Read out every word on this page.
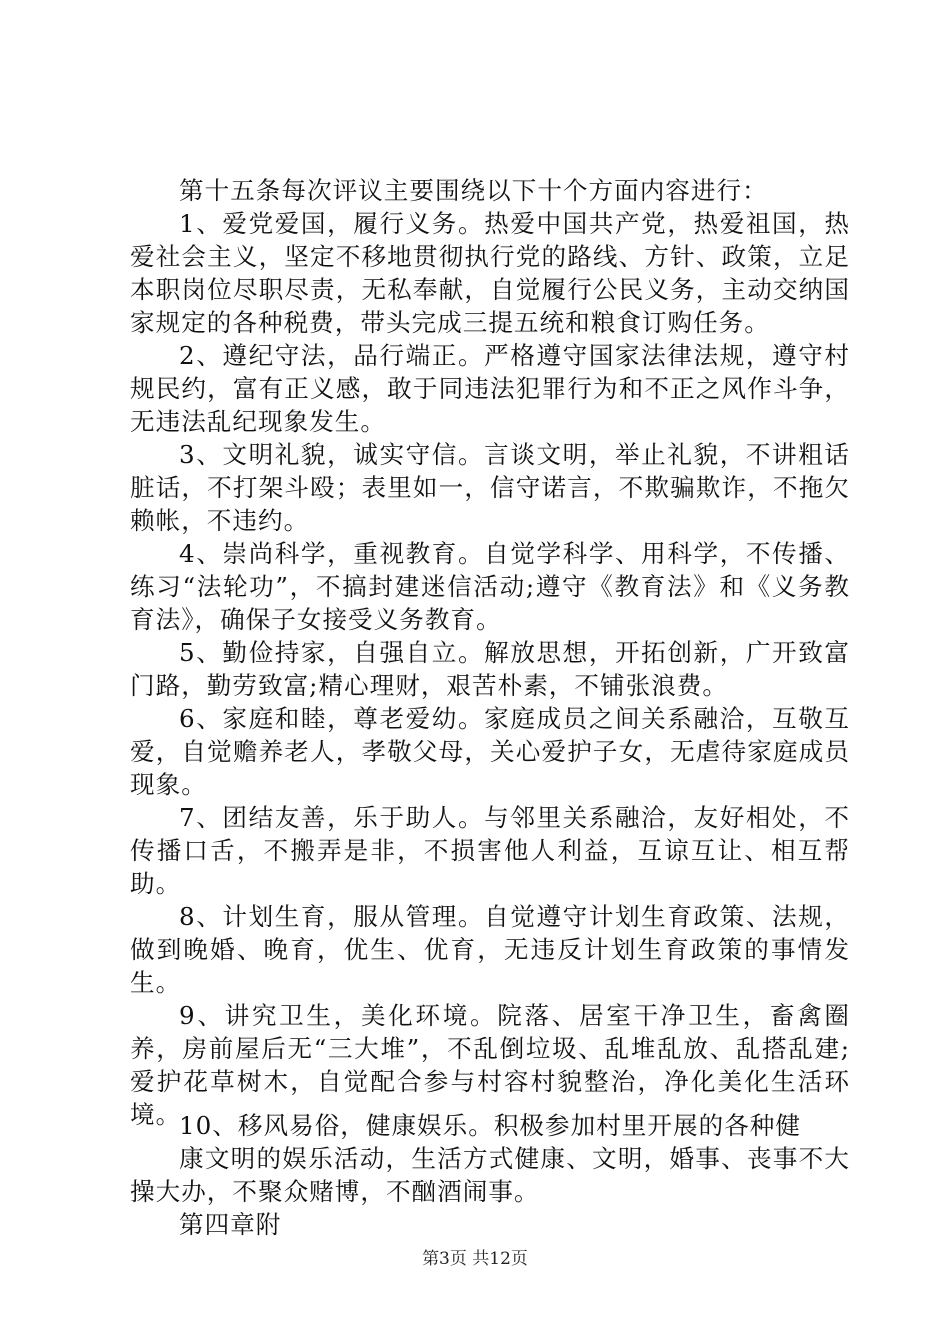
第十五条每次评议主要围绕以下十个方面内容进行：

1、爱党爱国，履行义务。热爱中国共产党，热爱祖国，热爱社会主义，坚定不移地贯彻执行党的路线、方针、政策，立足本职岗位尽职尽责，无私奉献，自觉履行公民义务，主动交纳国家规定的各种税费，带头完成三提五统和粮食订购任务。

2、遵纪守法，品行端正。严格遵守国家法律法规，遵守村规民约，富有正义感，敢于同违法犯罪行为和不正之风作斗争，无违法乱纪现象发生。

3、文明礼貌，诚实守信。言谈文明，举止礼貌，不讲粗话脏话，不打架斗殴；表里如一，信守诺言，不欺骗欺诈，不拖欠赖帐，不违约。

4、崇尚科学，重视教育。自觉学科学、用科学，不传播、练习“法轮功”，不搞封建迷信活动;遵守《教育法》和《义务教育法》，确保子女接受义务教育。

5、勤俭持家，自强自立。解放思想，开拓创新，广开致富门路，勤劳致富;精心理财，艰苦朴素，不铺张浪费。

6、家庭和睦，尊老爱幼。家庭成员之间关系融洽，互敬互爱，自觉赡养老人，孝敬父母，关心爱护子女，无虐待家庭成员现象。

7、团结友善，乐于助人。与邻里关系融洽，友好相处，不传播口舌，不搬弄是非，不损害他人利益，互谅互让、相互帮助。

8、计划生育，服从管理。自觉遵守计划生育政策、法规，做到晚婚、晚育，优生、优育，无违反计划生育政策的事情发生。

9、讲究卫生，美化环境。院落、居室干净卫生，畜禽圈养，房前屋后无“三大堆”，不乱倒垃圾、乱堆乱放、乱搭乱建;爱护花草树木，自觉配合参与村容村貌整治，净化美化生活环境。

10、移风易俗，健康娱乐。积极参加村里开展的各种健

康文明的娱乐活动，生活方式健康、文明，婚事、丧事不大操大办，不聚众赌博，不酗酒闹事。

第四章附

第3页 共12页
